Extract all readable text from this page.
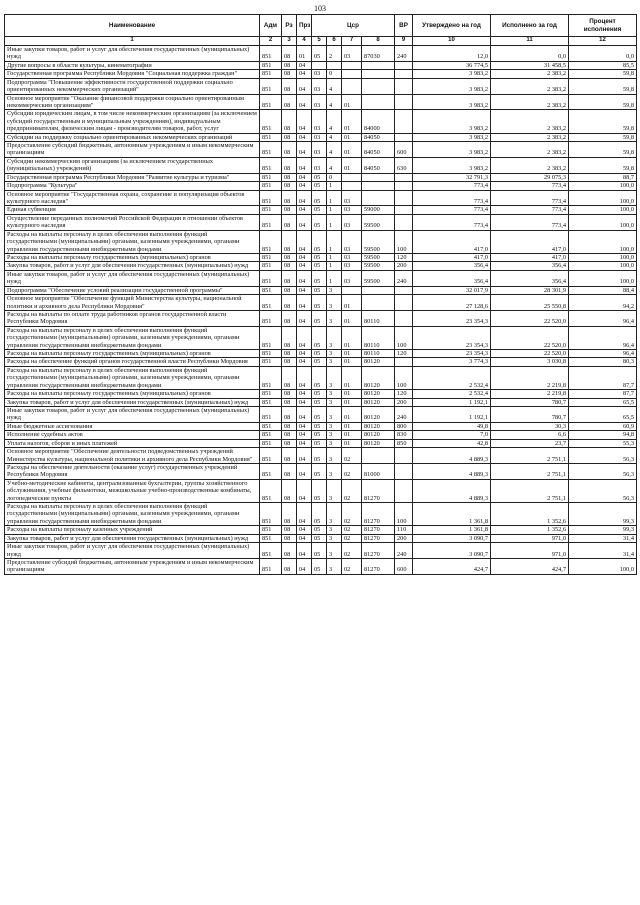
103
Наименование	Адм	Рз	Прз	Цср				ВР	Утверждено на год	Исполнено за год	Процент исполнения
1	2	3	4	5	6	7	8	9	10	11	12
Иные закупки товаров, работ и услуг для обеспечения государственных (муниципальных) нужд	851	08	01	05	2	03	87030	240	12,0	0,0	0,0
Другие вопросы в области культуры, кинематографии	851	08	04						36 774,5	31 458,5	85,5
Государственная программа Республики Мордовия "Социальная поддержка граждан"	851	08	04	03	0				3 983,2	2 383,2	59,8
Подпрограмма "Повышение эффективности государственной поддержки социально ориентированных некоммерческих организаций"	851	08	04	03	4				3 983,2	2 383,2	59,8
Основное мероприятие "Оказание финансовой поддержки социально ориентированным некоммерческим организациям"	851	08	04	03	4	01			3 983,2	2 383,2	59,8
Субсидии юридическим лицам, в том числе некоммерческим организациям (за исключением субсидий государственным и муниципальным учреждениям), индивидуальным предпринимателям, физическим лицам - производителям товаров, работ, услуг	851	08	04	03	4	01	84000		3 983,2	2 383,2	59,8
Субсидии на поддержку социально ориентированных некоммерческих организаций	851	08	04	03	4	01	84050		3 983,2	2 383,2	59,8
Предоставление субсидий бюджетным, автономным учреждениям и иным некоммерческим организациям	851	08	04	03	4	01	84050	600	3 983,2	2 383,2	59,8
Субсидии некоммерческим организациям (за исключением государственных (муниципальных) учреждений)	851	08	04	03	4	01	84050	630	3 983,2	2 383,2	59,8
Государственная программа Республики Мордовия "Развитие культуры и туризма"	851	08	04	05	0				32 791,3	29 075,3	88,7
Подпрограмма "Культура"	851	08	04	05	1				773,4	773,4	100,0
Основное мероприятие "Государственная охрана, сохранение и популяризация объектов культурного наследия"	851	08	04	05	1	03			773,4	773,4	100,0
Единая субвенция	851	08	04	05	1	03	59000		773,4	773,4	100,0
Осуществление переданных полномочий Российской Федерации в отношении объектов культурного наследия	851	08	04	05	1	03	59500		773,4	773,4	100,0
Расходы на выплаты персоналу в целях обеспечения выполнения функций государственными (муниципальными) органами, казенными учреждениями, органами управления государственными внебюджетными фондами	851	08	04	05	1	03	59500	100	417,0	417,0	100,0
Расходы на выплаты персоналу государственных (муниципальных) органов	851	08	04	05	1	03	59500	120	417,0	417,0	100,0
Закупка товаров, работ и услуг для обеспечения государственных (муниципальных) нужд	851	08	04	05	1	03	59500	200	356,4	356,4	100,0
Иные закупки товаров, работ и услуг для обеспечения государственных (муниципальных) нужд	851	08	04	05	1	03	59500	240	356,4	356,4	100,0
Подпрограмма "Обеспечение условий реализации государственной программы"	851	08	04	05	3				32 017,9	28 301,9	88,4
Основное мероприятие "Обеспечение функций Министерства культуры, национальной политики и архивного дела Республики Мордовия"	851	08	04	05	3	01			27 128,6	25 550,8	94,2
Расходы на выплаты по оплате труда работников органов государственной власти Республики Мордовия	851	08	04	05	3	01	80110		23 354,3	22 520,0	96,4
Расходы на выплаты персоналу в целях обеспечения выполнения функций государственными (муниципальными) органами, казенными учреждениями, органами управления государственными внебюджетными фондами	851	08	04	05	3	01	80110	100	23 354,3	22 520,0	96,4
Расходы на выплаты персоналу государственных (муниципальных) органов	851	08	04	05	3	01	80110	120	23 354,3	22 520,0	96,4
Расходы на обеспечение функций органов государственной власти Республики Мордовия	851	08	04	05	3	01	80120		3 774,3	3 030,8	80,3
Расходы на выплаты персоналу в целях обеспечения выполнения функций государственными (муниципальными) органами, казенными учреждениями, органами управления государственными внебюджетными фондами	851	08	04	05	3	01	80120	100	2 532,4	2 219,8	87,7
Расходы на выплаты персоналу государственных (муниципальных) органов	851	08	04	05	3	01	80120	120	2 532,4	2 219,8	87,7
Закупка товаров, работ и услуг для обеспечения государственных (муниципальных) нужд	851	08	04	05	3	01	80120	200	1 192,1	780,7	65,5
Иные закупки товаров, работ и услуг для обеспечения государственных (муниципальных) нужд	851	08	04	05	3	01	80120	240	1 192,1	780,7	65,5
Иные бюджетные ассигнования	851	08	04	05	3	01	80120	800	49,8	30,3	60,9
Исполнение судебных актов	851	08	04	05	3	01	80120	830	7,0	6,6	94,8
Уплата налогов, сборов и иных платежей	851	08	04	05	3	01	80120	850	42,8	23,7	55,3
Основное мероприятие "Обеспечение деятельности подведомственных учреждений Министерства культуры, национальной политики и архивного дела Республики Мордовия"	851	08	04	05	3	02			4 889,3	2 751,1	56,3
Расходы на обеспечение деятельности (оказание услуг) государственных учреждений Республики Мордовия	851	08	04	05	3	02	81000		4 889,3	2 751,1	56,3
Учебно-методические кабинеты, централизованные бухгалтерии, группы хозяйственного обслуживания, учебные фильмотеки, межшкольные учебно-производственные комбинаты, логопедические пункты	851	08	04	05	3	02	81270		4 889,3	2 751,1	56,3
Расходы на выплаты персоналу в целях обеспечения выполнения функций государственными (муниципальными) органами, казенными учреждениями, органами управления государственными внебюджетными фондами	851	08	04	05	3	02	81270	100	1 361,8	1 352,6	99,3
Расходы на выплаты персоналу казенных учреждений	851	08	04	05	3	02	81270	110	1 361,8	1 352,6	99,3
Закупка товаров, работ и услуг для обеспечения государственных (муниципальных) нужд	851	08	04	05	3	02	81270	200	3 090,7	971,0	31,4
Иные закупки товаров, работ и услуг для обеспечения государственных (муниципальных) нужд	851	08	04	05	3	02	81270	240	3 090,7	971,0	31,4
Предоставление субсидий бюджетным, автономным учреждениям и иным некоммерческим организациям	851	08	04	05	3	02	81270	600	424,7	424,7	100,0
